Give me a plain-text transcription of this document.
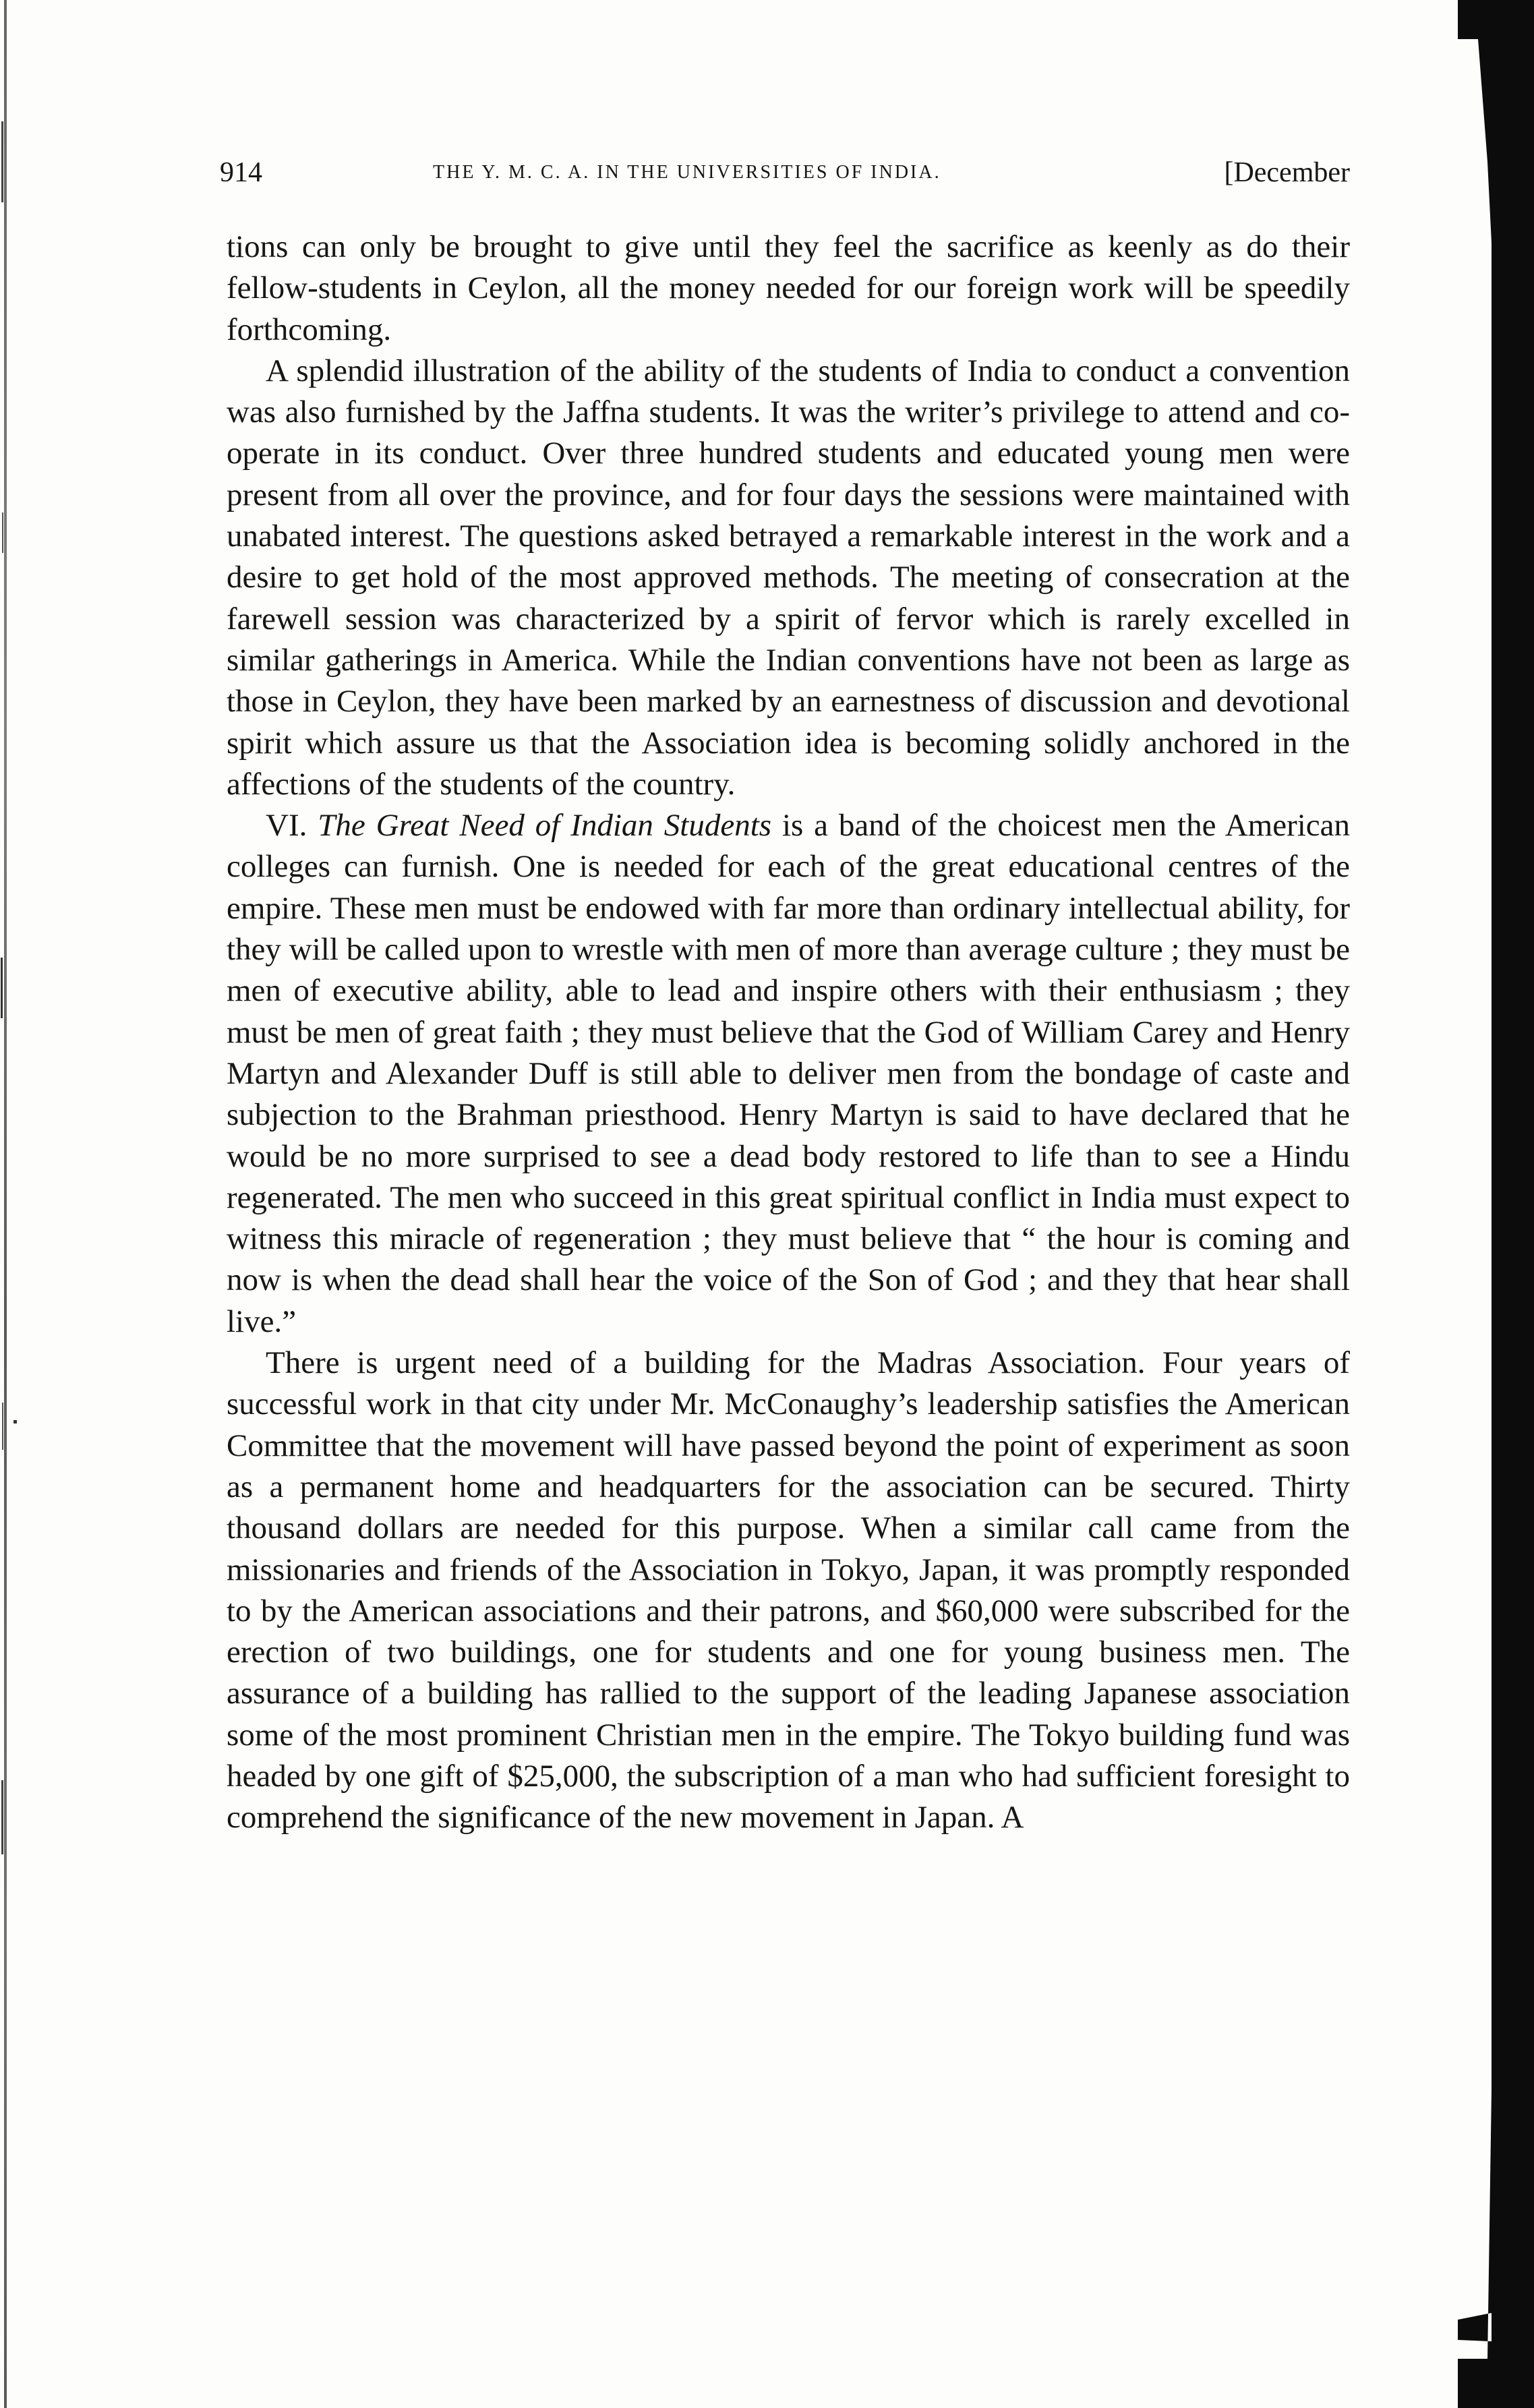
914	THE Y. M. C. A. IN THE UNIVERSITIES OF INDIA.	[December

tions can only be brought to give until they feel the sacrifice as keenly as do their fellow-students in Ceylon, all the money needed for our foreign work will be speedily forthcoming.

A splendid illustration of the ability of the students of India to conduct a convention was also furnished by the Jaffna students. It was the writer’s privilege to attend and co-operate in its conduct. Over three hundred students and educated young men were present from all over the province, and for four days the sessions were maintained with unabated interest. The questions asked betrayed a remarkable interest in the work and a desire to get hold of the most approved methods. The meeting of consecration at the farewell session was characterized by a spirit of fervor which is rarely excelled in similar gatherings in America. While the Indian conventions have not been as large as those in Ceylon, they have been marked by an earnestness of discussion and devotional spirit which assure us that the Association idea is becoming solidly anchored in the affections of the students of the country.

VI. The Great Need of Indian Students is a band of the choicest men the American colleges can furnish. One is needed for each of the great educational centres of the empire. These men must be endowed with far more than ordinary intellectual ability, for they will be called upon to wrestle with men of more than average culture ; they must be men of executive ability, able to lead and inspire others with their enthusiasm ; they must be men of great faith ; they must believe that the God of William Carey and Henry Martyn and Alexander Duff is still able to deliver men from the bondage of caste and subjection to the Brahman priesthood. Henry Martyn is said to have declared that he would be no more surprised to see a dead body restored to life than to see a Hindu regenerated. The men who succeed in this great spiritual conflict in India must expect to witness this miracle of regeneration ; they must believe that “ the hour is coming and now is when the dead shall hear the voice of the Son of God ; and they that hear shall live.”

There is urgent need of a building for the Madras Association. Four years of successful work in that city under Mr. McConaughy’s leadership satisfies the American Committee that the movement will have passed beyond the point of experiment as soon as a permanent home and headquarters for the association can be secured. Thirty thousand dollars are needed for this purpose. When a similar call came from the missionaries and friends of the Association in Tokyo, Japan, it was promptly responded to by the American associations and their patrons, and $60,000 were subscribed for the erection of two buildings, one for students and one for young business men. The assurance of a building has rallied to the support of the leading Japanese association some of the most prominent Christian men in the empire. The Tokyo building fund was headed by one gift of $25,000, the subscription of a man who had sufficient foresight to comprehend the significance of the new movement in Japan. A
